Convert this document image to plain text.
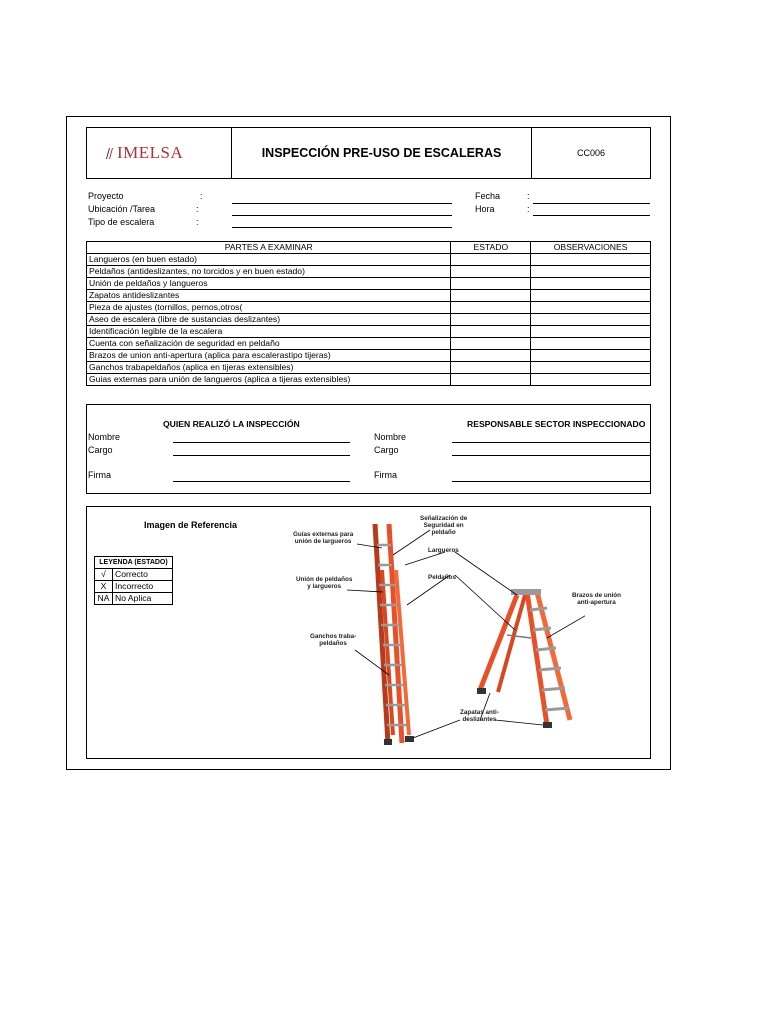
IMELSA	INSPECCIÓN PRE-USO DE ESCALERAS	CC006
Proyecto	:
Ubicación /Tarea	:
Tipo de escalera	:
Fecha	:
Hora	:
PARTES A EXAMINAR	ESTADO	OBSERVACIONES
Langueros (en buen estado)		
Peldaños (antideslizantes, no torcidos y en buen estado)		
Unión de peldaños y langueros		
Zapatos antideslizantes		
Pieza de ajustes (tornillos, pernos,otros(		
Aseo de escalera (libre de sustancias deslizantes)		
Identificación legible de la escalera		
Cuenta con señalización de seguridad en peldaño		
Brazos de union anti-apertura (aplica para escalerastipo tijeras)		
Ganchos trabapeldaños (aplica en tijeras extensibles)		
Guias externas para unión de langueros (aplica a tijeras extensibles)		
QUIEN REALIZÓ LA INSPECCIÓN	RESPONSABLE SECTOR INSPECCIONADO
Nombre
Cargo
Firma
Nombre
Cargo
Firma
Imagen de Referencia
LEYENDA (ESTADO)	
√	Correcto
X	Incorrecto
NA	No Aplica
Guías externas para
unión de largueros
Unión de peldaños
y largueros
Ganchos traba-
peldaños
Señalización de
Seguridad en
peldaño
Largueros
Peldaños
Brazos de unión
anti-apertura
Zapatas anti-
deslizantes
